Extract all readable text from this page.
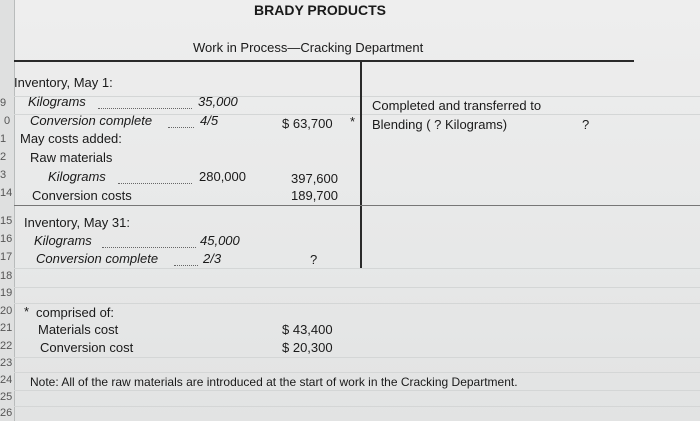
9
0
1
2
3
14
15
16
17
18
19
20
21
22
23
24
25
26
BRADY PRODUCTS
Work in Process—Cracking Department
Inventory, May 1:
Kilograms	35,000
Conversion complete	4/5	$ 63,700 *
May costs added:
Raw materials
Kilograms	280,000	397,600
Conversion costs	189,700
Inventory, May 31:
Kilograms	45,000
Conversion complete	2/3	?
Completed and transferred to
Blending ( ? Kilograms)	?
* comprised of:
Materials cost	$ 43,400
Conversion cost	$ 20,300
Note: All of the raw materials are introduced at the start of work in the Cracking Department.
